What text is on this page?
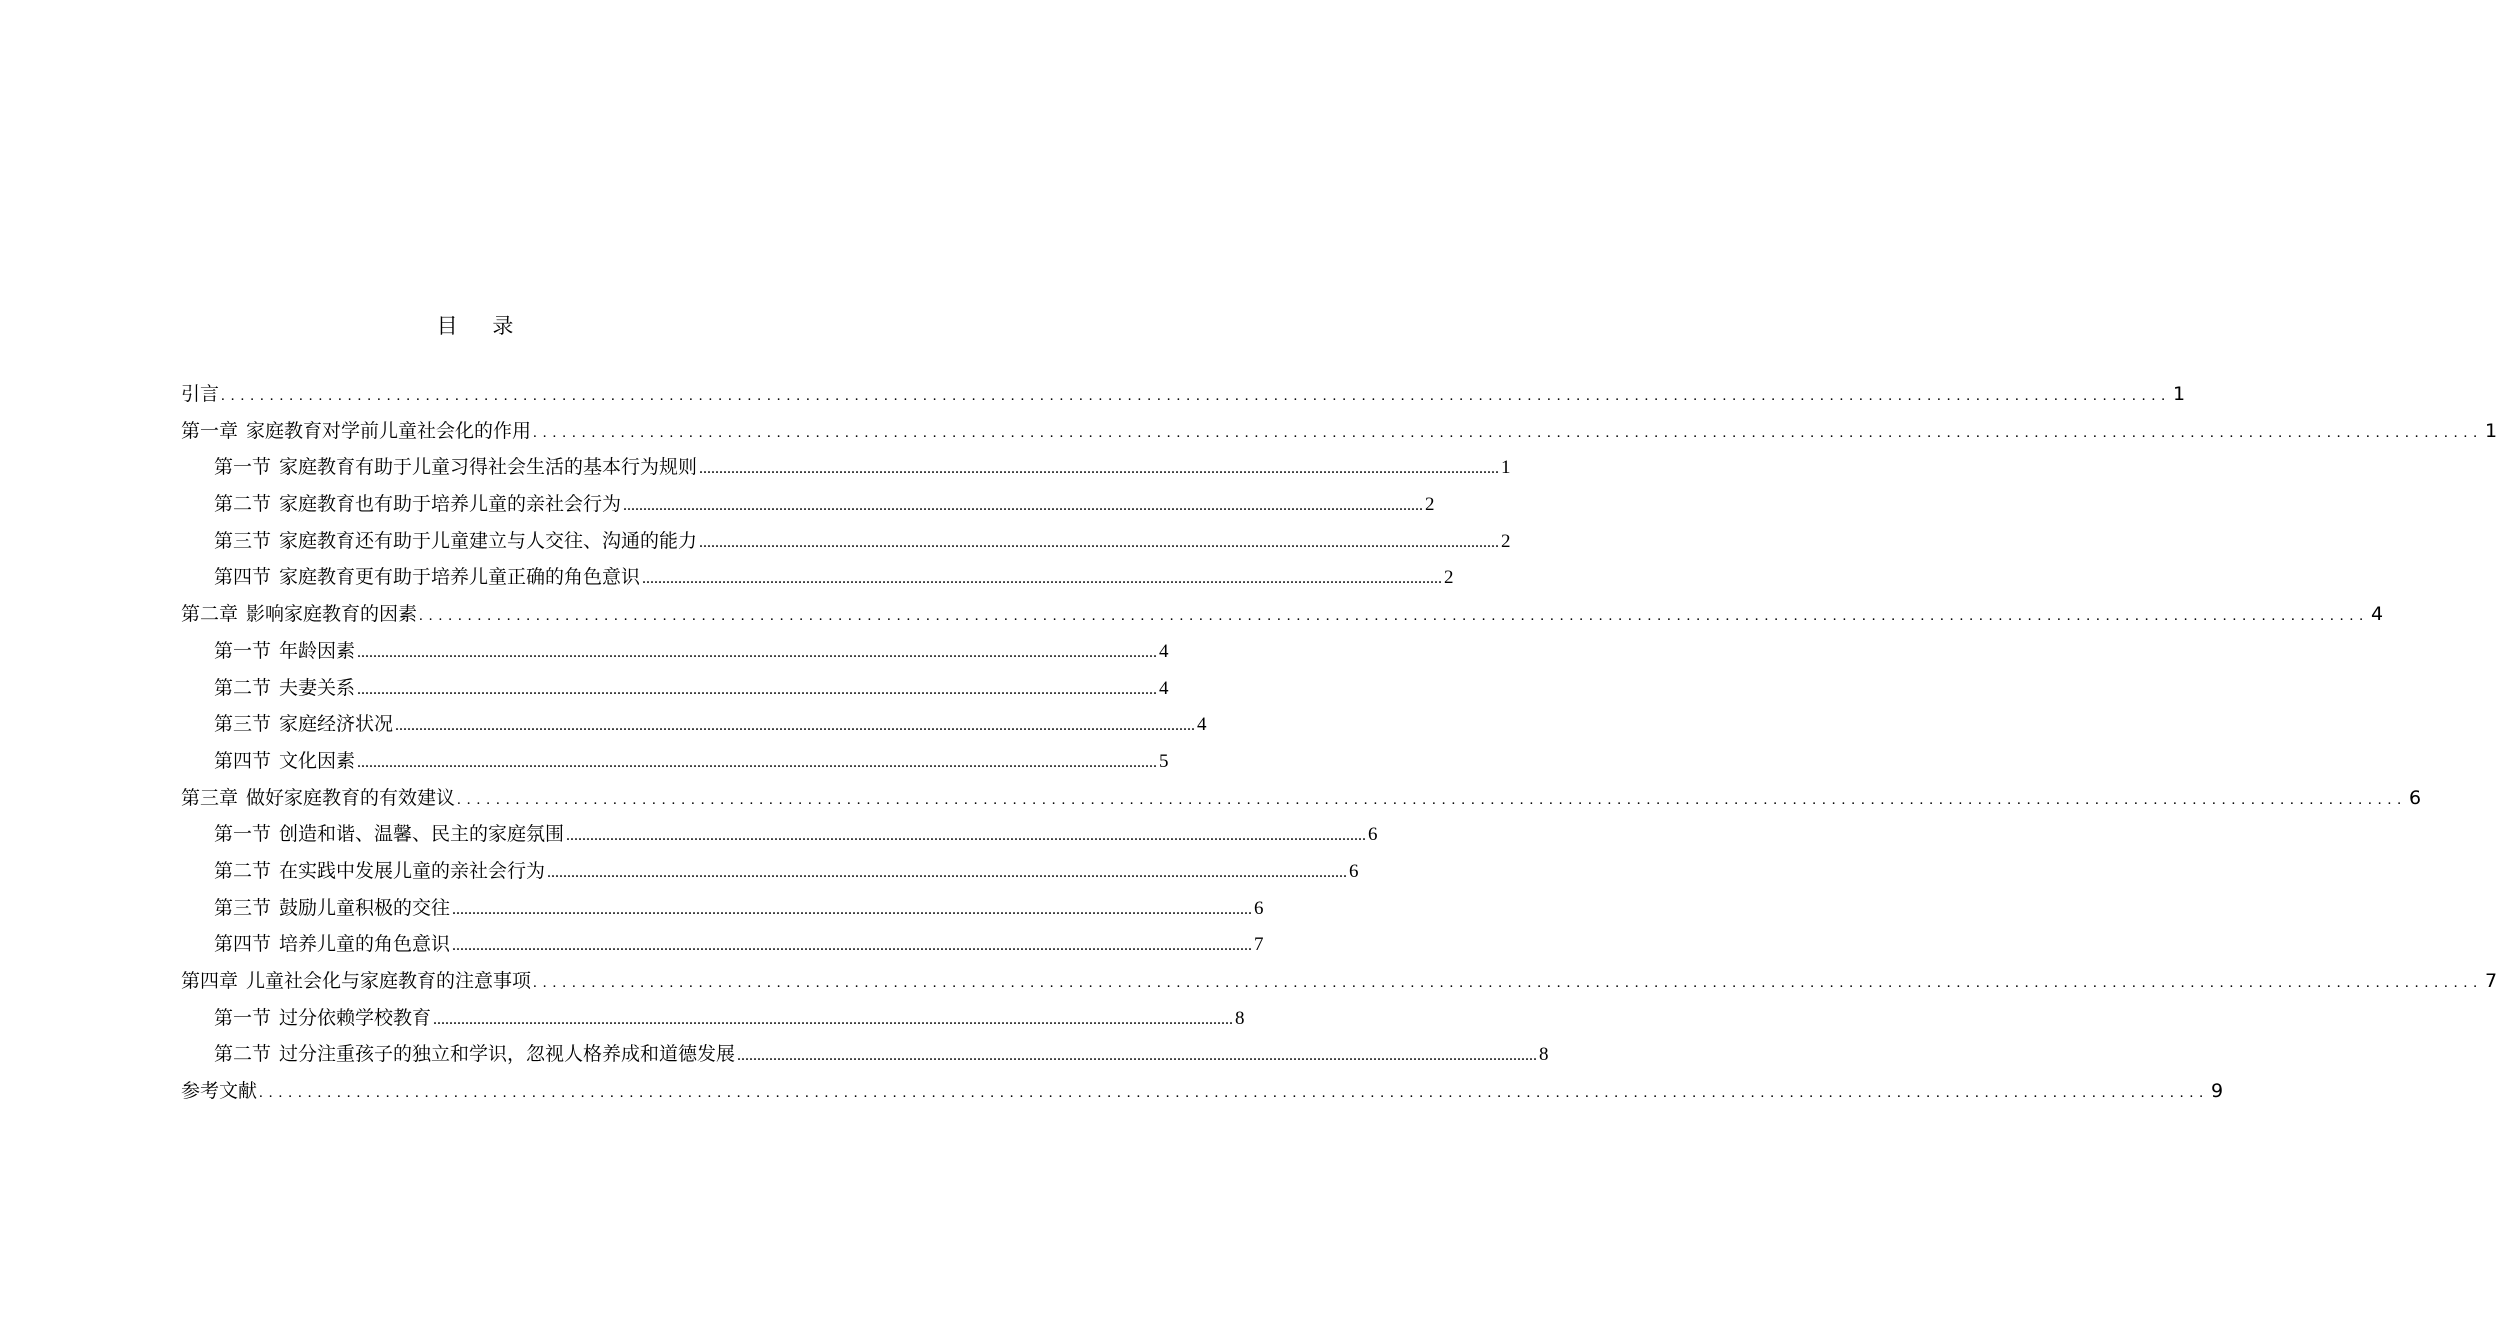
目 录
引言 ........................................................................................................................................................................................................ 1
第一章 家庭教育对学前儿童社会化的作用 ........................................................................................................................................................................................................ 1
第一节 家庭教育有助于儿童习得社会生活的基本行为规则 ........................................................................................................................................................................................................ 1
第二节 家庭教育也有助于培养儿童的亲社会行为 ........................................................................................................................................................................................................ 2
第三节 家庭教育还有助于儿童建立与人交往、沟通的能力 ........................................................................................................................................................................................................ 2
第四节 家庭教育更有助于培养儿童正确的角色意识 ........................................................................................................................................................................................................ 2
第二章 影响家庭教育的因素 ........................................................................................................................................................................................................ 4
第一节 年龄因素 ........................................................................................................................................................................................................ 4
第二节 夫妻关系 ........................................................................................................................................................................................................ 4
第三节 家庭经济状况 ........................................................................................................................................................................................................ 4
第四节 文化因素 ........................................................................................................................................................................................................ 5
第三章 做好家庭教育的有效建议 ........................................................................................................................................................................................................ 6
第一节 创造和谐、温馨、民主的家庭氛围 ........................................................................................................................................................................................................ 6
第二节 在实践中发展儿童的亲社会行为 ........................................................................................................................................................................................................ 6
第三节 鼓励儿童积极的交往 ........................................................................................................................................................................................................ 6
第四节 培养儿童的角色意识 ........................................................................................................................................................................................................ 7
第四章 儿童社会化与家庭教育的注意事项 ........................................................................................................................................................................................................ 7
第一节 过分依赖学校教育 ........................................................................................................................................................................................................ 8
第二节 过分注重孩子的独立和学识，忽视人格养成和道德发展 ........................................................................................................................................................................................................ 8
参考文献 ........................................................................................................................................................................................................ 9
